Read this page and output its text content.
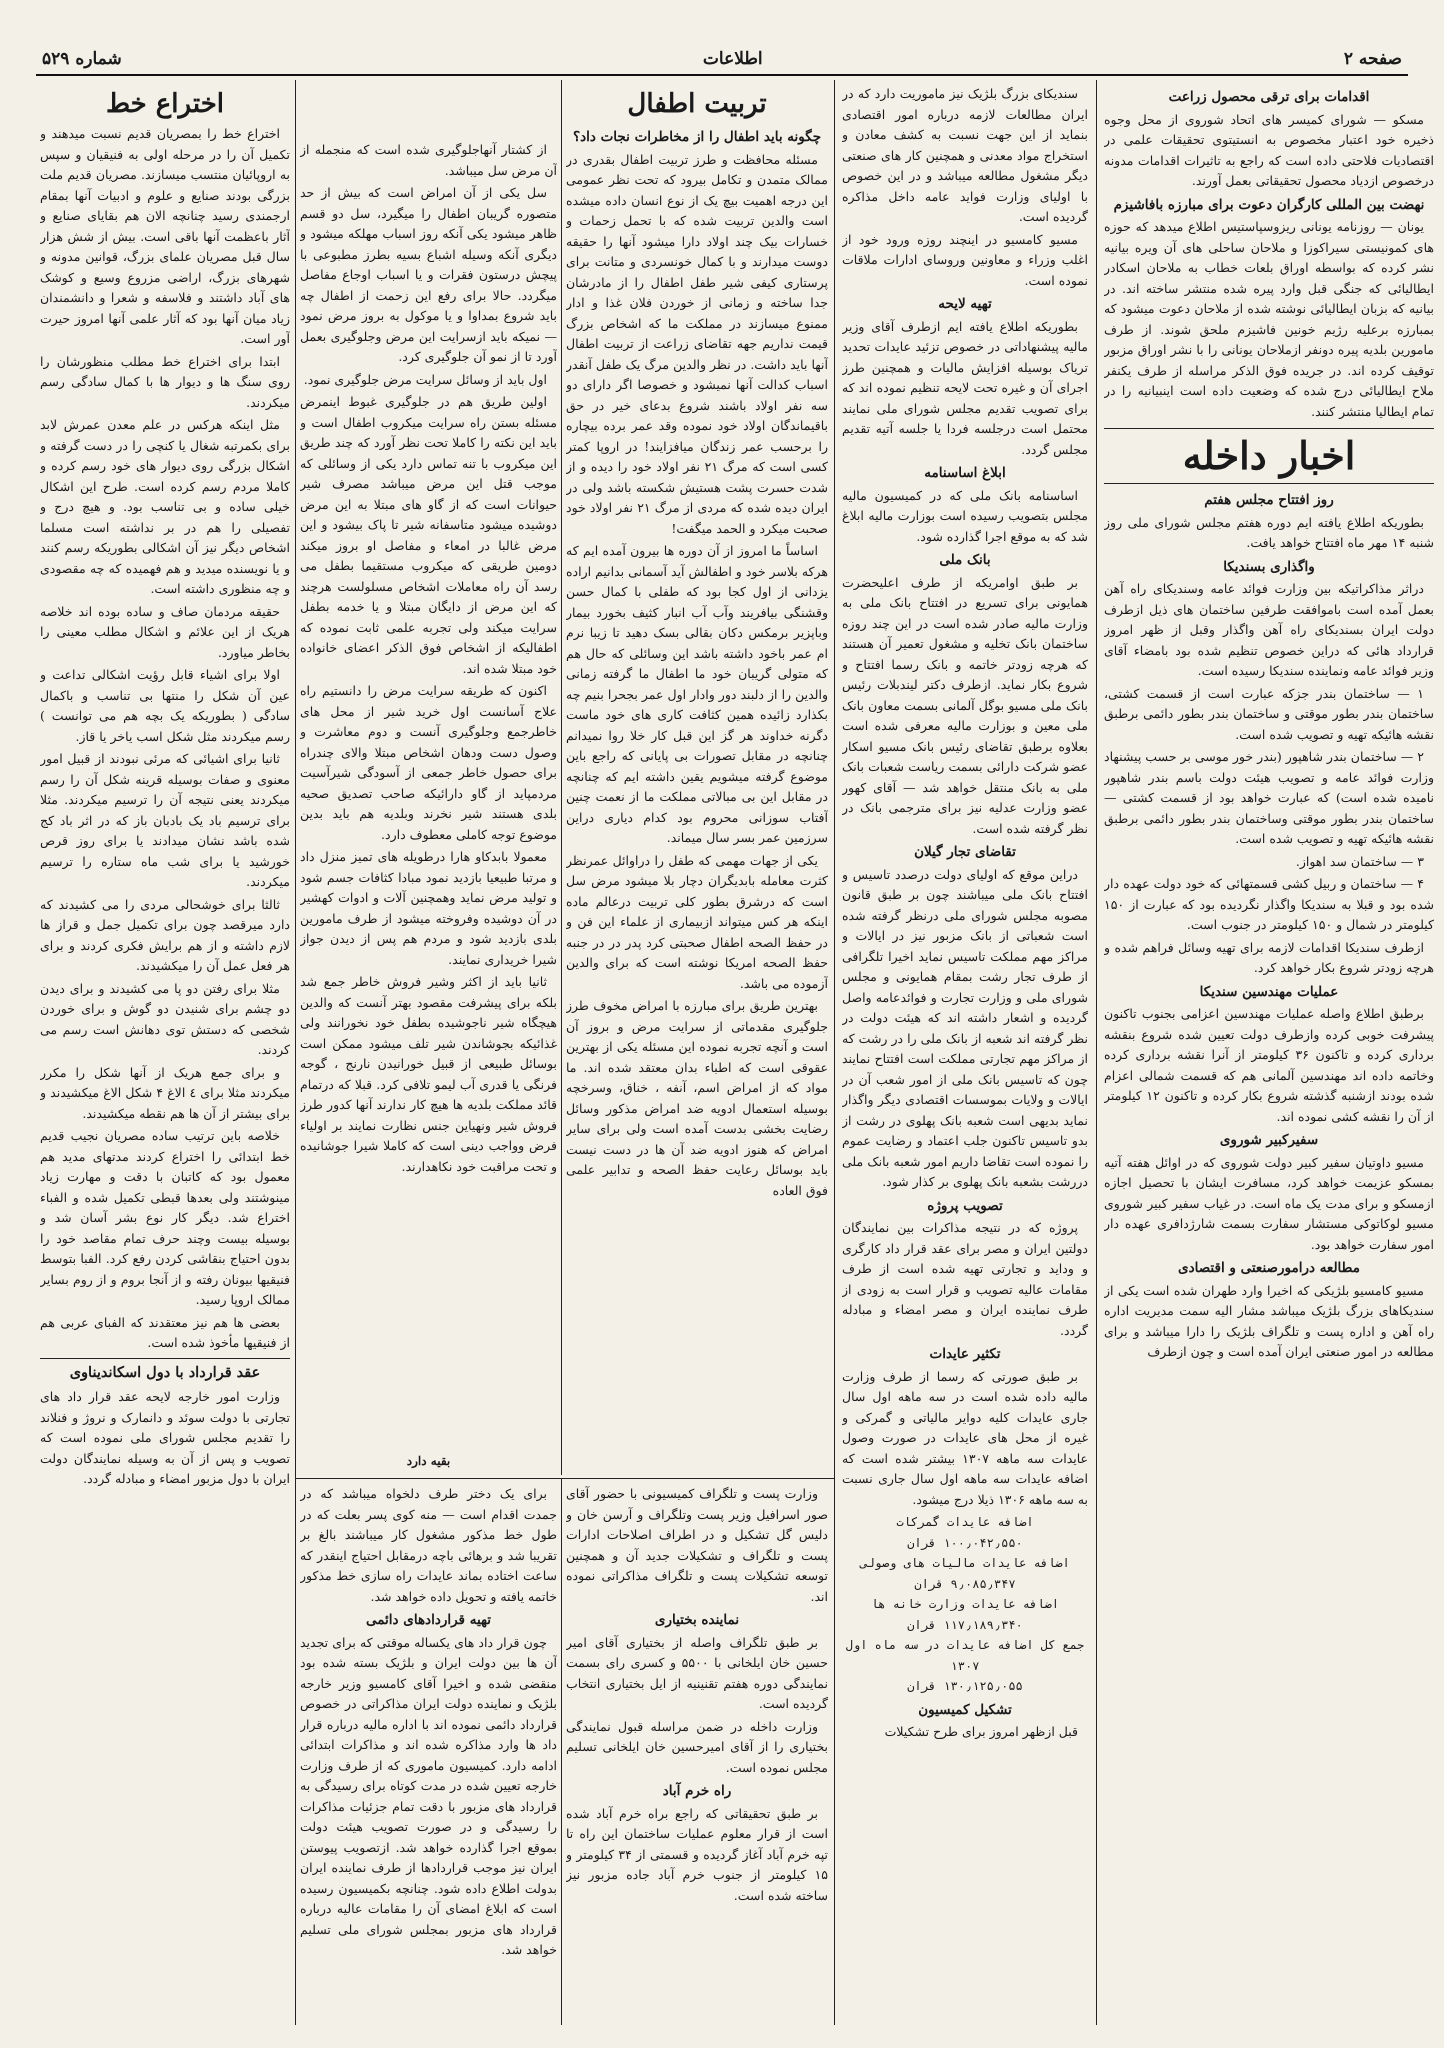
صفحه ۲
اطلاعات
شماره ۵۲۹
اقدامات برای ترقی محصول زراعت

مسکو — شورای کمیسر های اتحاد شوروی از محل وجوه ذخیره خود اعتبار مخصوص به انستیتوی تحقیقات علمی در اقتصادیات فلاحتی داده است که راجع به تاثیرات اقدامات مدونه درخصوص ازدیاد محصول تحقیقاتی بعمل آورند.

نهضت بین المللی کارگران دعوت برای مبارزه بافاشیزم

یونان — روزنامه یونانی ریزوسپاستیس اطلاع میدهد که حوزه های کمونیستی سیراکوزا و ملاحان ساحلی های آن ویره بیانیه نشر کرده که بواسطه اوراق بلعات خطاب به ملاحان اسکادر ایطالیائی که جنگی قبل وارد پیره شده منتشر ساخته اند. در بیانیه که بزبان ایطالیائی نوشته شده از ملاحان دعوت میشود که بمبارزه برعلیه رژیم خونین فاشیزم ملحق شوند. از طرف مامورین بلدیه پیره دونفر ازملاحان یونانی را با نشر اوراق مزبور توقیف کرده اند. در جریده فوق الذکر مراسله از طرف یکنفر ملاح ایطالیائی درج شده که وضعیت داده است اینبیانیه را در تمام ایطالیا منتشر کنند.

اخبار داخله
روز افتتاح مجلس هفتم

بطوریکه اطلاع یافته ایم دوره هفتم مجلس شورای ملی روز شنبه ۱۴ مهر ماه افتتاح خواهد یافت.

واگذاری بسندیکا

دراثر مذاکراتیکه بین وزارت فوائد عامه وسندیکای راه آهن بعمل آمده است باموافقت طرفین ساختمان های ذیل ازطرف دولت ایران بسندیکای راه آهن واگذار وقبل از ظهر امروز قرارداد هائی که دراین خصوص تنظیم شده بود بامضاء آقای وزیر فوائد عامه ونماینده سندیکا رسیده است.

۱ — ساختمان بندر جزکه عبارت است از قسمت کشتی، ساختمان بندر بطور موقتی و ساختمان بندر بطور دائمی برطبق نقشه هائیکه تهیه و تصویب شده است.

۲ — ساختمان بندر شاهپور (بندر خور موسی بر حسب پیشنهاد وزارت فوائد عامه و تصویب هیئت دولت باسم بندر شاهپور نامیده شده است) که عبارت خواهد بود از قسمت کشتی — ساختمان بندر بطور موقتی وساختمان بندر بطور دائمی برطبق نقشه هائیکه تهیه و تصویب شده است.

۳ — ساختمان سد اهواز.

۴ — ساختمان و ربیل کشی قسمتهائی که خود دولت عهده دار شده بود و قبلا به سندیکا واگذار نگردیده بود که عبارت از ۱۵۰ کیلومتر در شمال و ۱۵۰ کیلومتر در جنوب است.

ازطرف سندیکا اقدامات لازمه برای تهیه وسائل فراهم شده و هرچه زودتر شروع بکار خواهد کرد.

عملیات مهندسین سندیکا

برطبق اطلاع واصله عملیات مهندسین اعزامی بجنوب تاکنون پیشرفت خوبی کرده وازطرف دولت تعیین شده شروع بنقشه برداری کرده و تاکنون ۳۶ کیلومتر از آنرا نقشه برداری کرده وخاتمه داده اند مهندسین آلمانی هم که قسمت شمالی اعزام شده بودند ازشنبه گذشته شروع بکار کرده و تاکنون ۱۲ کیلومتر از آن را نقشه کشی نموده اند.

سفیرکبیر شوروی

مسیو داوتیان سفیر کبیر دولت شوروی که در اوائل هفته آتیه بمسکو عزیمت خواهد کرد، مسافرت ایشان با تحصیل اجازه ازمسکو و برای مدت یک ماه است. در غیاب سفیر کبیر شوروی مسیو لوکاتوکی مستشار سفارت بسمت شارژدافری عهده دار امور سفارت خواهد بود.

مطالعه درامورصنعتی و اقتصادی

مسیو کامسیو بلژیکی که اخیرا وارد طهران شده است یکی از سندیکاهای بزرگ بلژیک میباشد مشار الیه سمت مدیریت اداره راه آهن و اداره پست و تلگراف بلژیک را دارا میباشد و برای مطالعه در امور صنعتی ایران آمده است و چون ازطرف

سندیکای بزرگ بلژیک نیز ماموریت دارد که در ایران مطالعات لازمه درباره امور اقتصادی بنماید از این جهت نسبت به کشف معادن و استخراج مواد معدنی و همچنین کار های صنعتی دیگر مشغول مطالعه میباشد و در این خصوص با اولیای وزارت فواید عامه داخل مذاکره گردیده است.

مسیو کامسیو در اینچند روزه ورود خود از اغلب وزراء و معاونین وروسای ادارات ملاقات نموده است.

تهیه لایحه

بطوریکه اطلاع یافته ایم ازطرف آقای وزیر مالیه پیشنهاداتی در خصوص تزئید عایدات تحدید تریاک بوسیله افزایش مالیات و همچنین طرز اجرای آن و غیره تحت لایحه تنظیم نموده اند که برای تصویب تقدیم مجلس شورای ملی نمایند محتمل است درجلسه فردا یا جلسه آتیه تقدیم مجلس گردد.

ابلاغ اساسنامه

اساسنامه بانک ملی که در کمیسیون مالیه مجلس بتصویب رسیده است بوزارت مالیه ابلاغ شد که به موقع اجرا گذارده شود.

بانک ملی

بر طبق اوامریکه از طرف اعلیحضرت همایونی برای تسریع در افتتاح بانک ملی به وزارت مالیه صادر شده است در این چند روزه ساختمان بانک تخلیه و مشغول تعمیر آن هستند که هرچه زودتر خاتمه و بانک رسما افتتاح و شروع بکار نماید. ازطرف دکتر لیندبلات رئیس بانک ملی مسیو بوگل آلمانی بسمت معاون بانک ملی معین و بوزارت مالیه معرفی شده است بعلاوه برطبق تقاضای رئیس بانک مسیو اسکار عضو شرکت دارائی بسمت ریاست شعبات بانک ملی به بانک منتقل خواهد شد — آقای کهور عضو وزارت عدلیه نیز برای مترجمی بانک در نظر گرفته شده است.

تقاضای تجار گیلان

دراین موقع که اولیای دولت درصدد تاسیس و افتتاح بانک ملی میباشند چون بر طبق قانون مصوبه مجلس شورای ملی درنظر گرفته شده است شعباتی از بانک مزبور نیز در ایالات و مراکز مهم مملکت تاسیس نماید اخیرا تلگرافی از طرف تجار رشت بمقام همایونی و مجلس شورای ملی و وزارت تجارت و فوائدعامه واصل گردیده و اشعار داشته اند که هیئت دولت در نظر گرفته اند شعبه از بانک ملی را در رشت که از مراکز مهم تجارتی مملکت است افتتاح نمایند چون که تاسیس بانک ملی از امور شعب آن در ایالات و ولایات بموسسات اقتصادی دیگر واگذار نماید بدیهی است شعبه بانک پهلوی در رشت از بدو تاسیس تاکنون جلب اعتماد و رضایت عموم را نموده است تقاضا داریم امور شعبه بانک ملی دررشت بشعبه بانک پهلوی بر کذار شود.

تصویب پروژه

پروژه که در نتیجه مذاکرات بین نمایندگان دولتین ایران و مصر برای عقد قرار داد کارگری و وداید و تجارتی تهیه شده است از طرف مقامات عالیه تصویب و قرار است به زودی از طرف نماینده ایران و مصر امضاء و مبادله گردد.

تکثیر عایدات

بر طبق صورتی که رسما از طرف وزارت مالیه داده شده است در سه ماهه اول سال جاری عایدات کلیه دوایر مالیاتی و گمرکی و غیره از محل های عایدات در صورت وصول عایدات سه ماهه ۱۳۰۷ بیشتر شده است که اضافه عایدات سه ماهه اول سال جاری نسبت به سه ماهه ۱۳۰۶ ذیلا درج میشود.

اضافه عایدات گمرکات
۱۰۰٫۰۴۲٫۵۵۰ قران
اضافه عایدات مالیات های وصولی
۹٫۰۸۵٫۳۴۷ قران
اضافه عایدات وزارت خانه ها
۱۱۷٫۱۸۹٫۳۴۰ قران
جمع کل اضافه عایدات در سه ماه اول ۱۳۰۷
۱۳۰٫۱۲۵٫۰۵۵ قران
تشکیل کمیسیون

قبل ازظهر امروز برای طرح تشکیلات

تربیت اطفال
چگونه باید اطفال را از مخاطرات نجات داد؟

مسئله محافظت و طرز تربیت اطفال بقدری در ممالک متمدن و تکامل بیرود که تحت نظر عمومی این درجه اهمیت بیچ یک از نوع انسان داده میشده است والدین تربیت شده که با تحمل زحمات و خسارات بیک چند اولاد دارا میشود آنها را حقیقه دوست میدارند و با کمال خونسردی و متانت برای پرستاری کیفی شیر طفل اطفال را از مادرشان جدا ساخته و زمانی از خوردن فلان غذا و ادار ممنوع میسازند در مملکت ما که اشخاص بزرگ قیمت نداریم جهه تقاضای زراعت از تربیت اطفال آنها باید داشت. در نظر والدین مرگ یک طفل آنقدر اسباب کدالت آنها نمیشود و خصوصا اگر دارای دو سه نفر اولاد باشند شروع بدعای خیر در حق باقیماندگان اولاد خود نموده وقد عمر برده بیچاره را برحسب عمر زندگان میافزایند! در اروپا کمتر کسی است که مرگ ۲۱ نفر اولاد خود را دیده و از شدت حسرت پشت هستیش شکسته باشد ولی در ایران دیده شده که مردی از مرگ ۲۱ نفر اولاد خود صحبت میکرد و الحمد میگفت!

اساساً ما امروز از آن دوره ها بیرون آمده ایم که هرکه بلاسر خود و اطفالش آید آسمانی بدانیم اراده یزدانی از اول کجا بود که طفلی با کمال حسن وقشنگی بیافریند وآب آب انبار کثیف بخورد بیمار وباپزیر برمکس دکان بقالی بسک دهید تا زیبا نرم ام عمر باخود داشته باشد این وسائلی که حال هم که متولی گریبان خود ما اطفال ما گرفته زمانی والدین را از دلبند دور وادار اول عمر بجحرا بنیم چه بکذارد زائیده همین کثافت کاری های خود ماست دگرنه خداوند هر گز این قبل کار خلا روا نمیدانم چنانچه در مقابل تصورات بی پایانی که راجع باین موضوع گرفته میشویم یقین داشته ایم که چنانچه در مقابل این بی مبالاتی مملکت ما از نعمت چنین آفتاب سوزانی محروم بود کدام دیاری دراین سرزمین عمر بسر سال میماند.

یکی از جهات مهمی که طفل را دراوائل عمرنظر کثرت معامله بابدیگران دچار بلا میشود مرض سل است که درشرق بطور کلی تربیت درعالم ماده اینکه هر کس میتواند ازبیماری از علماء این فن و در حفظ الصحه اطفال صحبتی کرد پدر در در جنبه حفظ الصحه امریکا نوشته است که برای والدین آزموده می باشد.

بهترین طریق برای مبارزه با امراض مخوف طرز جلوگیری مقدماتی از سرایت مرض و بروز آن است و آنچه تجربه نموده این مسئله یکی از بهترین عقوقی است که اطباء بدان معتقد شده اند. ما مواد که از امراض اسم، آنفه ، خناق، وسرخچه بوسیله استعمال ادویه ضد امراض مذکور وسائل رضایت بخشی بدست آمده است ولی برای سایر امراض که هنوز ادویه ضد آن ها در دست نیست باید بوسائل رعایت حفظ الصحه و تدابیر علمی فوق العاده

از کشتار آنهاجلوگیری شده است که منجمله از آن مرض سل میباشد.

سل یکی از آن امراض است که بیش از حد متصوره گریبان اطفال را میگیرد، سل دو قسم ظاهر میشود یکی آنکه روز اسباب مهلکه میشود و دیگری آنکه وسیله اشباع بسیه بطرز مطبوعی با پیچش درستون فقرات و یا اسباب اوجاع مفاصل میگردد. حالا برای رفع این زحمت از اطفال چه باید شروع بمداوا و یا موکول به بروز مرض نمود — نمیکه باید ازسرایت این مرض وجلوگیری بعمل آورد تا از نمو آن جلوگیری کرد.

اول باید از وسائل سرایت مرض جلوگیری نمود.

اولین طریق هم در جلوگیری غبوط اینمرض مسئله بستن راه سرایت میکروب اطفال است و باید این نکته را کاملا تحت نظر آورد که چند طریق این میکروب با تنه تماس دارد یکی از وسائلی که موجب قتل این مرض میباشد مصرف شیر حیوانات است که از گاو های مبتلا به این مرض دوشیده میشود متاسفانه شیر تا پاک بیشود و این مرض غالبا در امعاء و مفاصل او بروز میکند دومین طریقی که میکروب مستقیما بطفل می رسد آن راه معاملات اشخاص مسلولست هرچند که این مرض از دایگان مبتلا و یا خدمه بطفل سرایت میکند ولی تجربه علمی ثابت نموده که اطفالیکه از اشخاص فوق الذکر اعضای خانواده خود مبتلا شده اند.

اکنون که طریقه سرایت مرض را دانستیم راه علاج آسانست اول خرید شیر از محل های خاطرجمع وجلوگیری آنست و دوم معاشرت و وصول دست ودهان اشخاص مبتلا والای چندراه برای حصول خاطر جمعی از آسودگی شیرآسیت مردمپاید از گاو دارائیکه صاحب تصدیق صحیه بلدی هستند شیر نخرند وبلدیه هم باید بدین موضوع توجه کاملی معطوف دارد.

معمولا بابدکاو هارا درطویله های تمیز منزل داد و مرتبا طبیعیا بازدید نمود مبادا کثافات جسم شود و تولید مرض نماید وهمچنین آلات و ادوات کهشیر در آن دوشیده وفروخته میشود از طرف مامورین بلدی بازدید شود و مردم هم پس از دیدن جواز شیرا خریداری نمایند.

ثانیا باید از اکثر وشیر فروش خاطر جمع شد بلکه برای پیشرفت مقصود بهتر آنست که والدین هیچگاه شیر ناجوشیده بطفل خود نخورانند ولی غذائیکه بجوشاندن شیر تلف میشود ممکن است بوسائل طبیعی از قبیل خورانیدن نارنج ، گوجه فرنگی یا قدری آب لیمو تلافی کرد. قبلا که درتمام قائد مملکت بلدیه ها هیچ کار ندارند آنها کدور طرز فروش شیر ونهیاین جنس نظارت نمایند بر اولیاء فرض وواجب دینی است که کاملا شیرا جوشانیده و تحت مراقبت خود نکاهدارند.

بقیه دارد

برای یک دختر طرف دلخواه میباشد که در جمدت اقدام است — منه کوی پسر بعلت که در طول خط مذکور مشغول کار میباشند بالغ بر تقریبا شد و برهائی باچه درمقابل احتیاج اینقدر که ساعت اختاده بماند عایدات راه سازی خط مذکور خاتمه یافته و تحویل داده خواهد شد.

تهیه قراردادهای دائمی

چون قرار داد های یکساله موقتی که برای تجدید آن ها بین دولت ایران و بلژیک بسته شده بود منقضی شده و اخیرا آقای کامسیو وزیر خارجه بلژیک و نماینده دولت ایران مذاکراتی در خصوص قرارداد دائمی نموده اند با اداره مالیه درباره قرار داد ها وارد مذاکره شده اند و مذاکرات ابتدائی ادامه دارد. کمیسیون ماموری که از طرف وزارت خارجه تعیین شده در مدت کوتاه برای رسیدگی به قرارداد های مزبور با دقت تمام جزئیات مذاکرات را رسیدگی و در صورت تصویب هیئت دولت بموقع اجرا گذارده خواهد شد. ازتصویب پیوستن ایران نیز موجب قراردادها از طرف نماینده ایران بدولت اطلاع داده شود. چنانچه بکمیسیون رسیده است که ابلاغ امضای آن را مقامات عالیه درباره قرارداد های مزبور بمجلس شورای ملی تسلیم خواهد شد.

وزارت پست و تلگراف کمیسیونی با حضور آقای صور اسرافیل وزیر پست وتلگراف و آرسن خان و دلیس گل تشکیل و در اطراف اصلاحات ادارات پست و تلگراف و تشکیلات جدید آن و همچنین توسعه تشکیلات پست و تلگراف مذاکراتی نموده اند.

نماینده بختیاری

بر طبق تلگراف واصله از بختیاری آقای امیر حسین خان ایلخانی با ۵۵۰۰ و کسری رای بسمت نمایندگی دوره هفتم تقنینیه از ایل بختیاری انتخاب گردیده است.

وزارت داخله در ضمن مراسله قبول نمایندگی بختیاری را از آقای امیرحسین خان ایلخانی تسلیم مجلس نموده است.

راه خرم آباد

بر طبق تحقیقاتی که راجع براه خرم آباد شده است از قرار معلوم عملیات ساختمان این راه تا تپه خرم آباد آغاز گردیده و قسمتی از ۳۴ کیلومتر و ۱۵ کیلومتر از جنوب خرم آباد جاده مزبور نیز ساخته شده است.

اختراع خط

اختراع خط را بمصریان قدیم نسبت میدهند و تکمیل آن را در مرحله اولی به فنیقیان و سپس به اروپائیان منتسب میسازند. مصریان قدیم ملت بزرگی بودند صنایع و علوم و ادبیات آنها بمقام ارجمندی رسید چنانچه الان هم بقایای صنایع و آثار باعظمت آنها باقی است. بیش از شش هزار سال قبل مصریان علمای بزرگ، قوانین مدونه و شهرهای بزرگ، اراضی مزروع وسیع و کوشک های آباد داشتند و فلاسفه و شعرا و دانشمندان زیاد میان آنها بود که آثار علمی آنها امروز حیرت آور است.

ابتدا برای اختراع خط مطلب منظورشان را روی سنگ ها و دیوار ها با کمال سادگی رسم میکردند.

مثل اینکه هرکس در علم معدن عمرش لابد برای بکمرتبه شغال یا کنچی را در دست گرفته و اشکال بزرگی روی دیوار های خود رسم کرده و کاملا مردم رسم کرده است. طرح این اشکال خیلی ساده و بی تناسب بود. و هیچ درج و تفصیلی را هم در بر نداشته است مسلما اشخاص دیگر نیز آن اشکالی بطوریکه رسم کنند و یا نویسنده میدید و هم فهمیده که چه مقصودی و چه منظوری داشته است.

حقیقه مردمان صاف و ساده بوده اند خلاصه هریک از این علائم و اشکال مطلب معینی را بخاطر میاورد.

اولا برای اشیاء قابل رؤیت اشکالی تداعت و عین آن شکل را منتها بی تناسب و باکمال سادگی ( بطوریکه یک بچه هم می توانست ) رسم میکردند مثل شکل اسب یاخر یا قاز.

ثانیا برای اشیائی که مرئی نبودند از قبیل امور معنوی و صفات بوسیله قرینه شکل آن را رسم میکردند یعنی نتیجه آن را ترسیم میکردند. مثلا برای ترسیم باد یک بادبان باز که در اثر باد کج شده باشد نشان میدادند یا برای روز قرص خورشید یا برای شب ماه ستاره را ترسیم میکردند.

ثالثا برای خوشحالی مردی را می کشیدند که دارد میرقصد چون برای تکمیل جمل و قراز ها لازم داشته و از هم برایش فکری کردند و برای هر فعل عمل آن را میکشیدند.

مثلا برای رفتن دو پا می کشیدند و برای دیدن دو چشم برای شنیدن دو گوش و برای خوردن شخصی که دستش توی دهانش است رسم می کردند.

و برای جمع هریک از آنها شکل را مکرر میکردند مثلا برای ٤ الاغ ۴ شکل الاغ میکشیدند و برای بیشتر از آن ها هم نقطه میکشیدند.

خلاصه باین ترتیب ساده مصریان نجیب قدیم خط ابتدائی را اختراع کردند مدتهای مدید هم معمول بود که کاتبان با دقت و مهارت زیاد مینوشتند ولی بعدها قبطی تکمیل شده و الفباء اختراع شد. دیگر کار نوع بشر آسان شد و بوسیله بیست وچند حرف تمام مقاصد خود را بدون احتیاج بنقاشی کردن رفع کرد. الفبا بتوسط فنیقیها بیونان رفته و از آنجا بروم و از روم بسایر ممالک اروپا رسید.

بعضی ها هم نیز معتقدند که الفبای عربی هم از فنیقیها مأخوذ شده است.

عقد قرارداد با دول اسکاندیناوی

وزارت امور خارجه لایحه عقد قرار داد های تجارتی با دولت سوئد و دانمارک و نروژ و فنلاند را تقدیم مجلس شورای ملی نموده است که تصویب و پس از آن به وسیله نمایندگان دولت ایران با دول مزبور امضاء و مبادله گردد.
